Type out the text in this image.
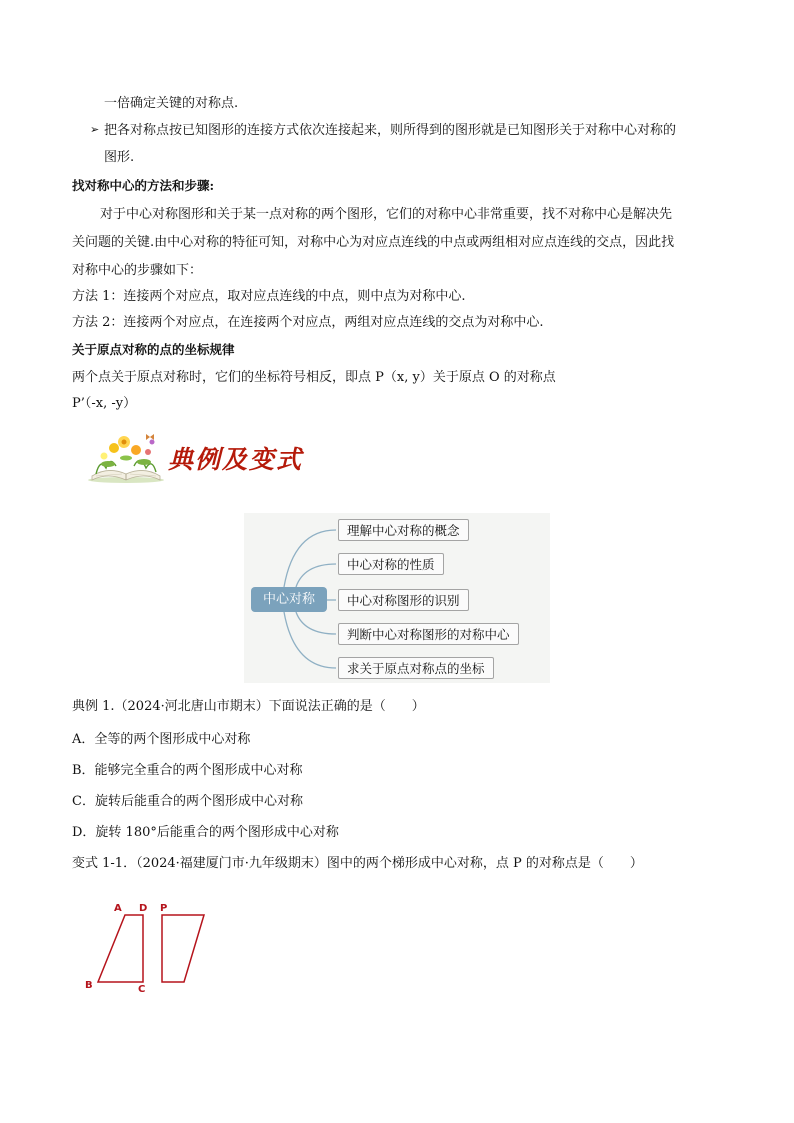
一倍确定关键的对称点.
➢ 把各对称点按已知图形的连接方式依次连接起来，则所得到的图形就是已知图形关于对称中心对称的
图形.
找对称中心的方法和步骤:
对于中心对称图形和关于某一点对称的两个图形，它们的对称中心非常重要，找不对称中心是解决先
关问题的关键.由中心对称的特征可知，对称中心为对应点连线的中点或两组相对应点连线的交点，因此找
对称中心的步骤如下：
方法 1：连接两个对应点，取对应点连线的中点，则中点为对称中心.
方法 2：连接两个对应点，在连接两个对应点，两组对应点连线的交点为对称中心.
关于原点对称的点的坐标规律
两个点关于原点对称时，它们的坐标符号相反，即点 P（x, y）关于原点 O 的对称点
P’（-x, -y）
典例及变式
中心对称
理解中心对称的概念
中心对称的性质
中心对称图形的识别
判断中心对称图形的对称中心
求关于原点对称点的坐标
典例 1.（2024·河北唐山市期末）下面说法正确的是（　　）
A．全等的两个图形成中心对称
B．能够完全重合的两个图形成中心对称
C．旋转后能重合的两个图形成中心对称
D．旋转 180°后能重合的两个图形成中心对称
变式 1-1．（2024·福建厦门市·九年级期末）图中的两个梯形成中心对称，点 P 的对称点是（　　）
A D P
B	C
